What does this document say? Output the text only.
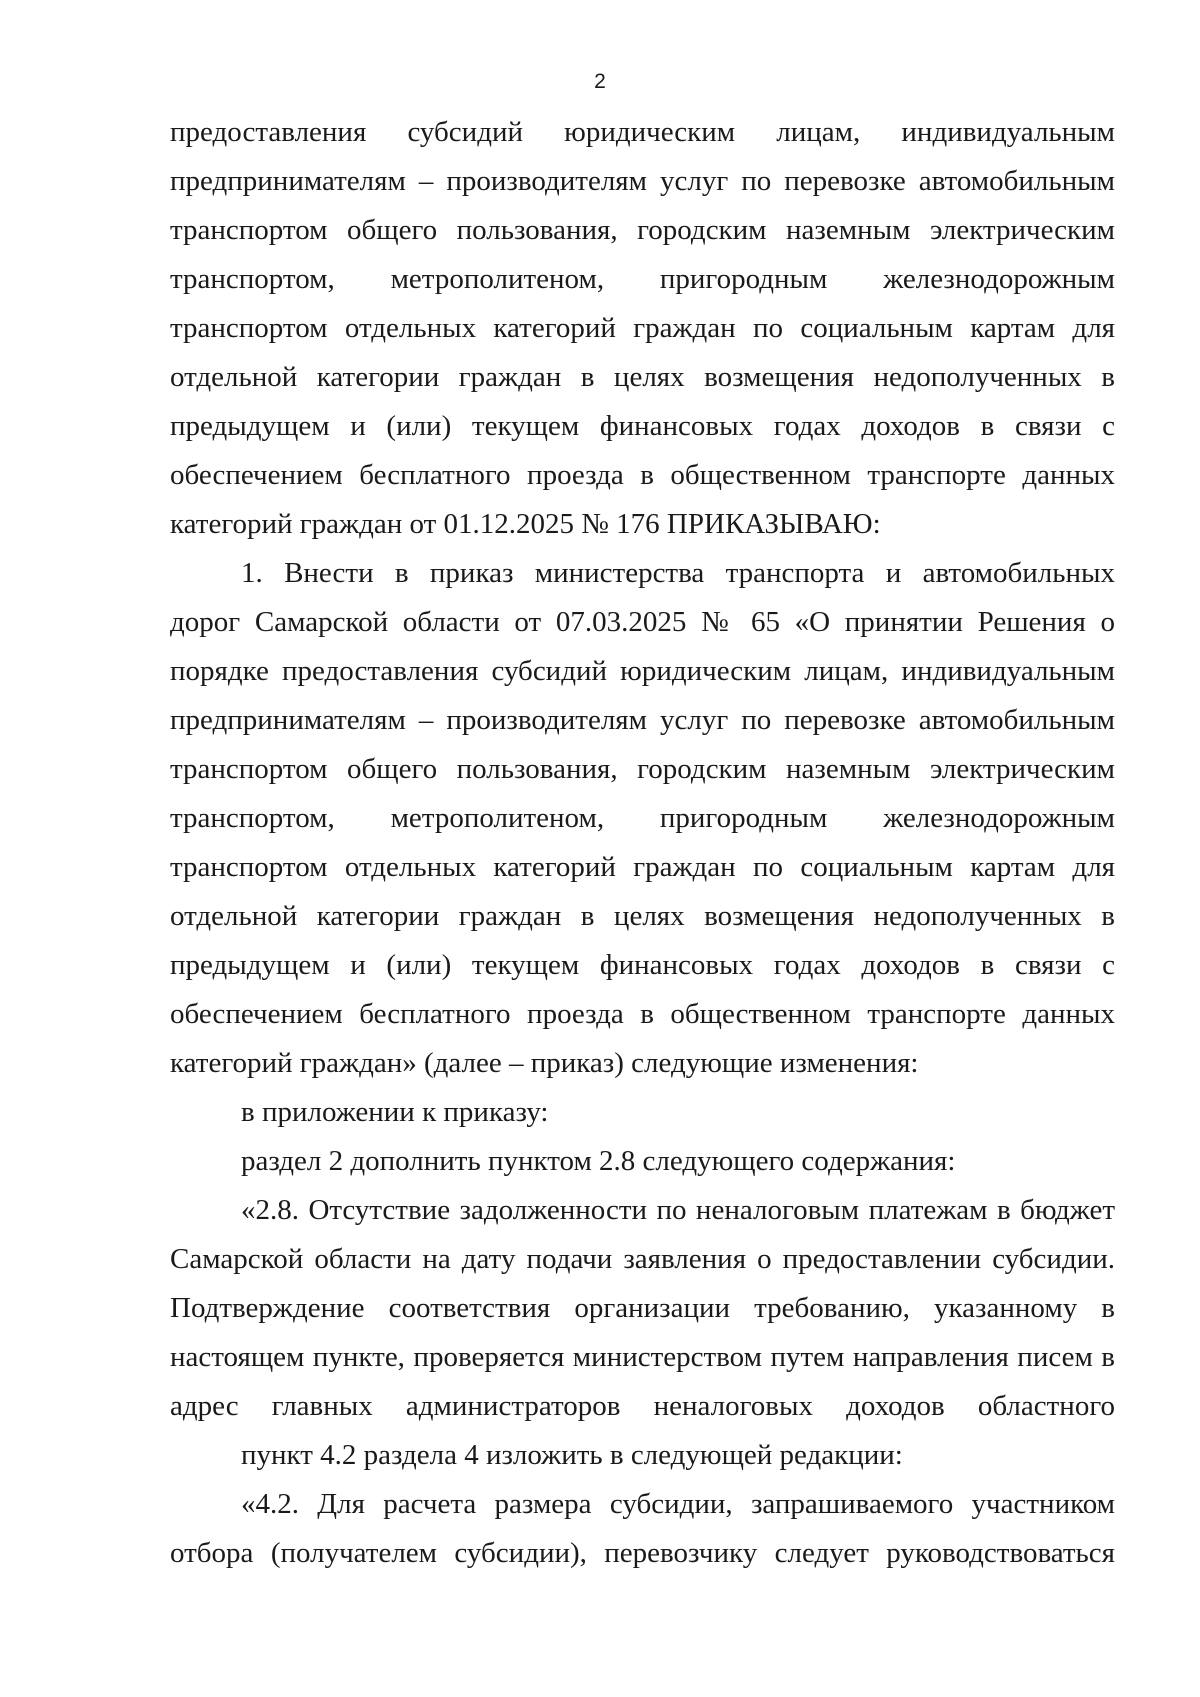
2
предоставления субсидий юридическим лицам, индивидуальным
предпринимателям – производителям услуг по перевозке автомобильным
транспортом общего пользования, городским наземным электрическим
транспортом, метрополитеном, пригородным железнодорожным
транспортом отдельных категорий граждан по социальным картам для
отдельной категории граждан в целях возмещения недополученных в
предыдущем и (или) текущем финансовых годах доходов в связи с
обеспечением бесплатного проезда в общественном транспорте данных
категорий граждан от 01.12.2025 № 176 ПРИКАЗЫВАЮ:
1. Внести в приказ министерства транспорта и автомобильных
дорог Самарской области от 07.03.2025 № 65 «О принятии Решения о
порядке предоставления субсидий юридическим лицам, индивидуальным
предпринимателям – производителям услуг по перевозке автомобильным
транспортом общего пользования, городским наземным электрическим
транспортом, метрополитеном, пригородным железнодорожным
транспортом отдельных категорий граждан по социальным картам для
отдельной категории граждан в целях возмещения недополученных в
предыдущем и (или) текущем финансовых годах доходов в связи с
обеспечением бесплатного проезда в общественном транспорте данных
категорий граждан» (далее – приказ) следующие изменения:
в приложении к приказу:
раздел 2 дополнить пунктом 2.8 следующего содержания:
«2.8. Отсутствие задолженности по неналоговым платежам в бюджет
Самарской области на дату подачи заявления о предоставлении субсидии.
Подтверждение соответствия организации требованию, указанному в
настоящем пункте, проверяется министерством путем направления писем в
адрес главных администраторов неналоговых доходов областного
пункт 4.2 раздела 4 изложить в следующей редакции:
«4.2. Для расчета размера субсидии, запрашиваемого участником
отбора (получателем субсидии), перевозчику следует руководствоваться
